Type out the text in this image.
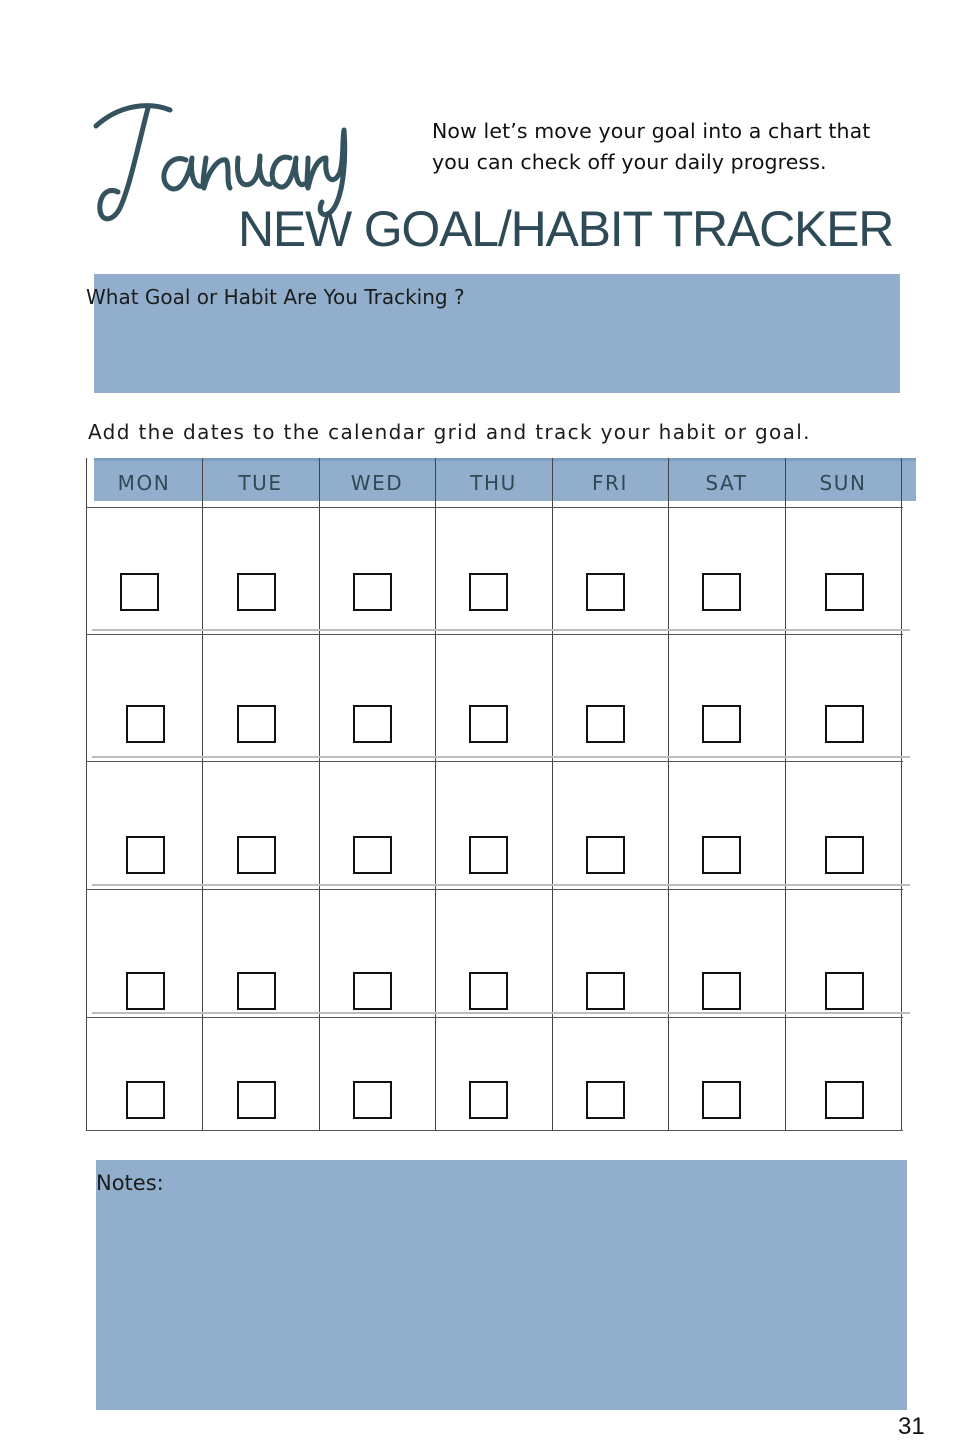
Now let’s move your goal into a chart that you can check off your daily progress.
NEW GOAL/HABIT TRACKER
What Goal or Habit Are You Tracking ?
Add the dates to the calendar grid and track your habit or goal.
MON	TUE	WED	THU	FRI	SAT	SUN
Notes:
31
